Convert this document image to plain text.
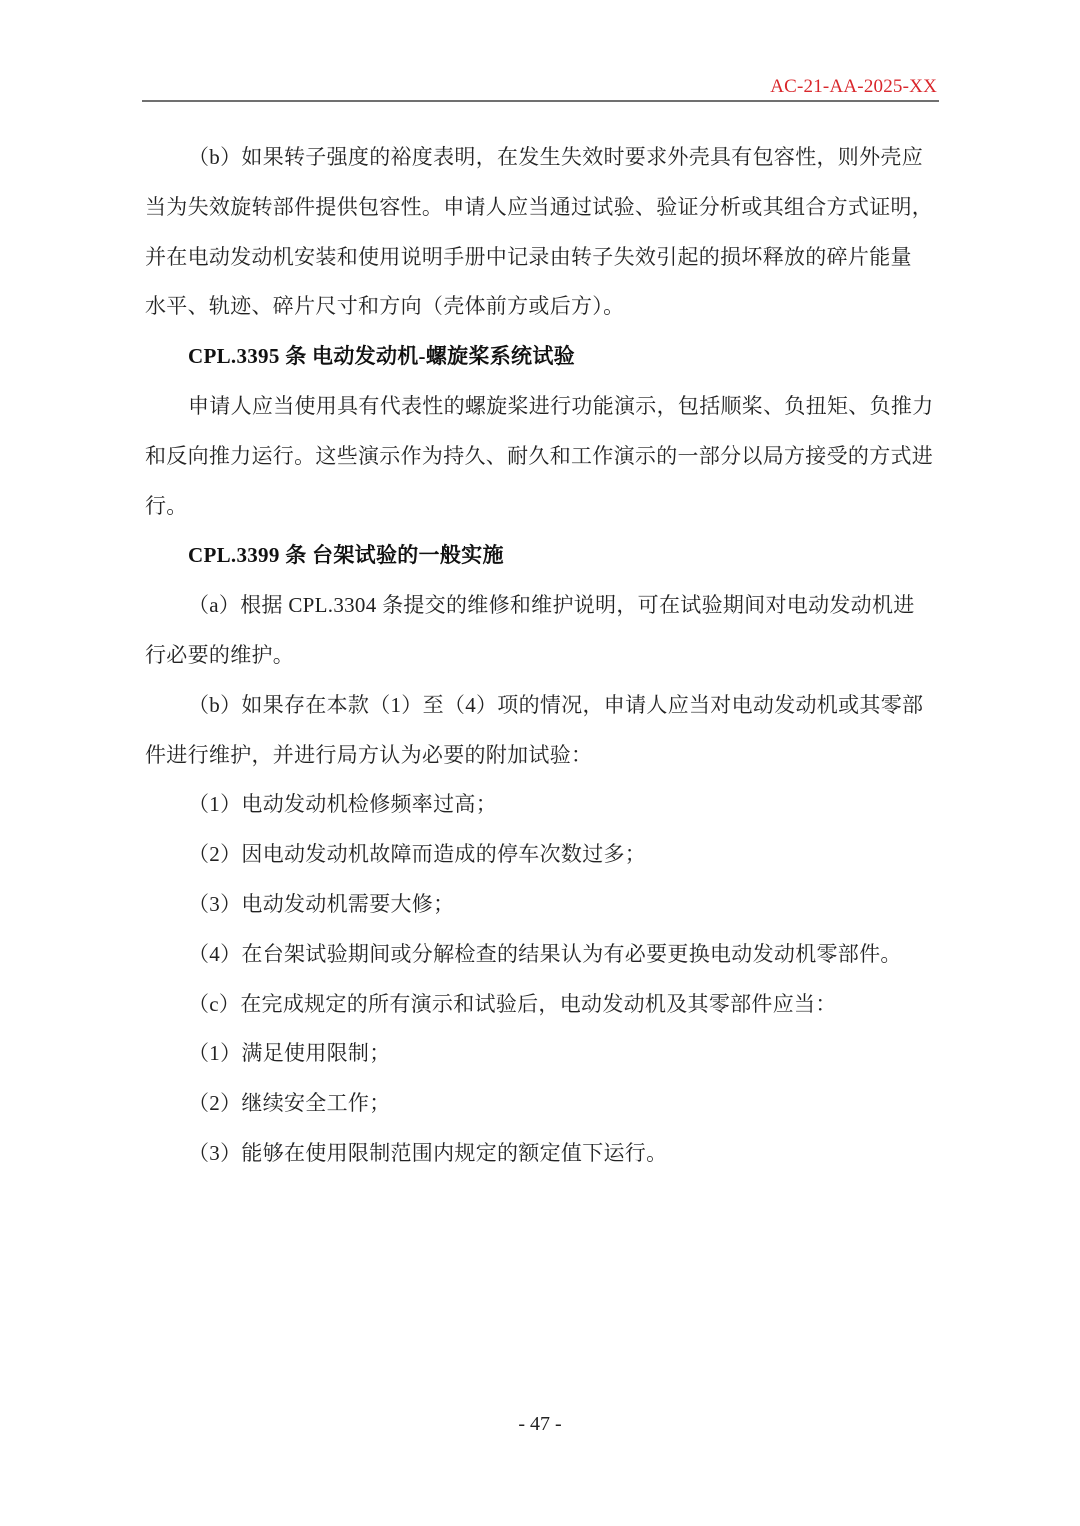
AC-21-AA-2025-XX
（b）如果转子强度的裕度表明，在发生失效时要求外壳具有包容性，则外壳应
当为失效旋转部件提供包容性。申请人应当通过试验、验证分析或其组合方式证明，
并在电动发动机安装和使用说明手册中记录由转子失效引起的损坏释放的碎片能量
水平、轨迹、碎片尺寸和方向（壳体前方或后方）。
CPL.3395 条 电动发动机-螺旋桨系统试验
申请人应当使用具有代表性的螺旋桨进行功能演示，包括顺桨、负扭矩、负推力
和反向推力运行。这些演示作为持久、耐久和工作演示的一部分以局方接受的方式进
行。
CPL.3399 条 台架试验的一般实施
（a）根据 CPL.3304 条提交的维修和维护说明，可在试验期间对电动发动机进
行必要的维护。
（b）如果存在本款（1）至（4）项的情况，申请人应当对电动发动机或其零部
件进行维护，并进行局方认为必要的附加试验：
（1）电动发动机检修频率过高；
（2）因电动发动机故障而造成的停车次数过多；
（3）电动发动机需要大修；
（4）在台架试验期间或分解检查的结果认为有必要更换电动发动机零部件。
（c）在完成规定的所有演示和试验后，电动发动机及其零部件应当：
（1）满足使用限制；
（2）继续安全工作；
（3）能够在使用限制范围内规定的额定值下运行。
- 47 -
